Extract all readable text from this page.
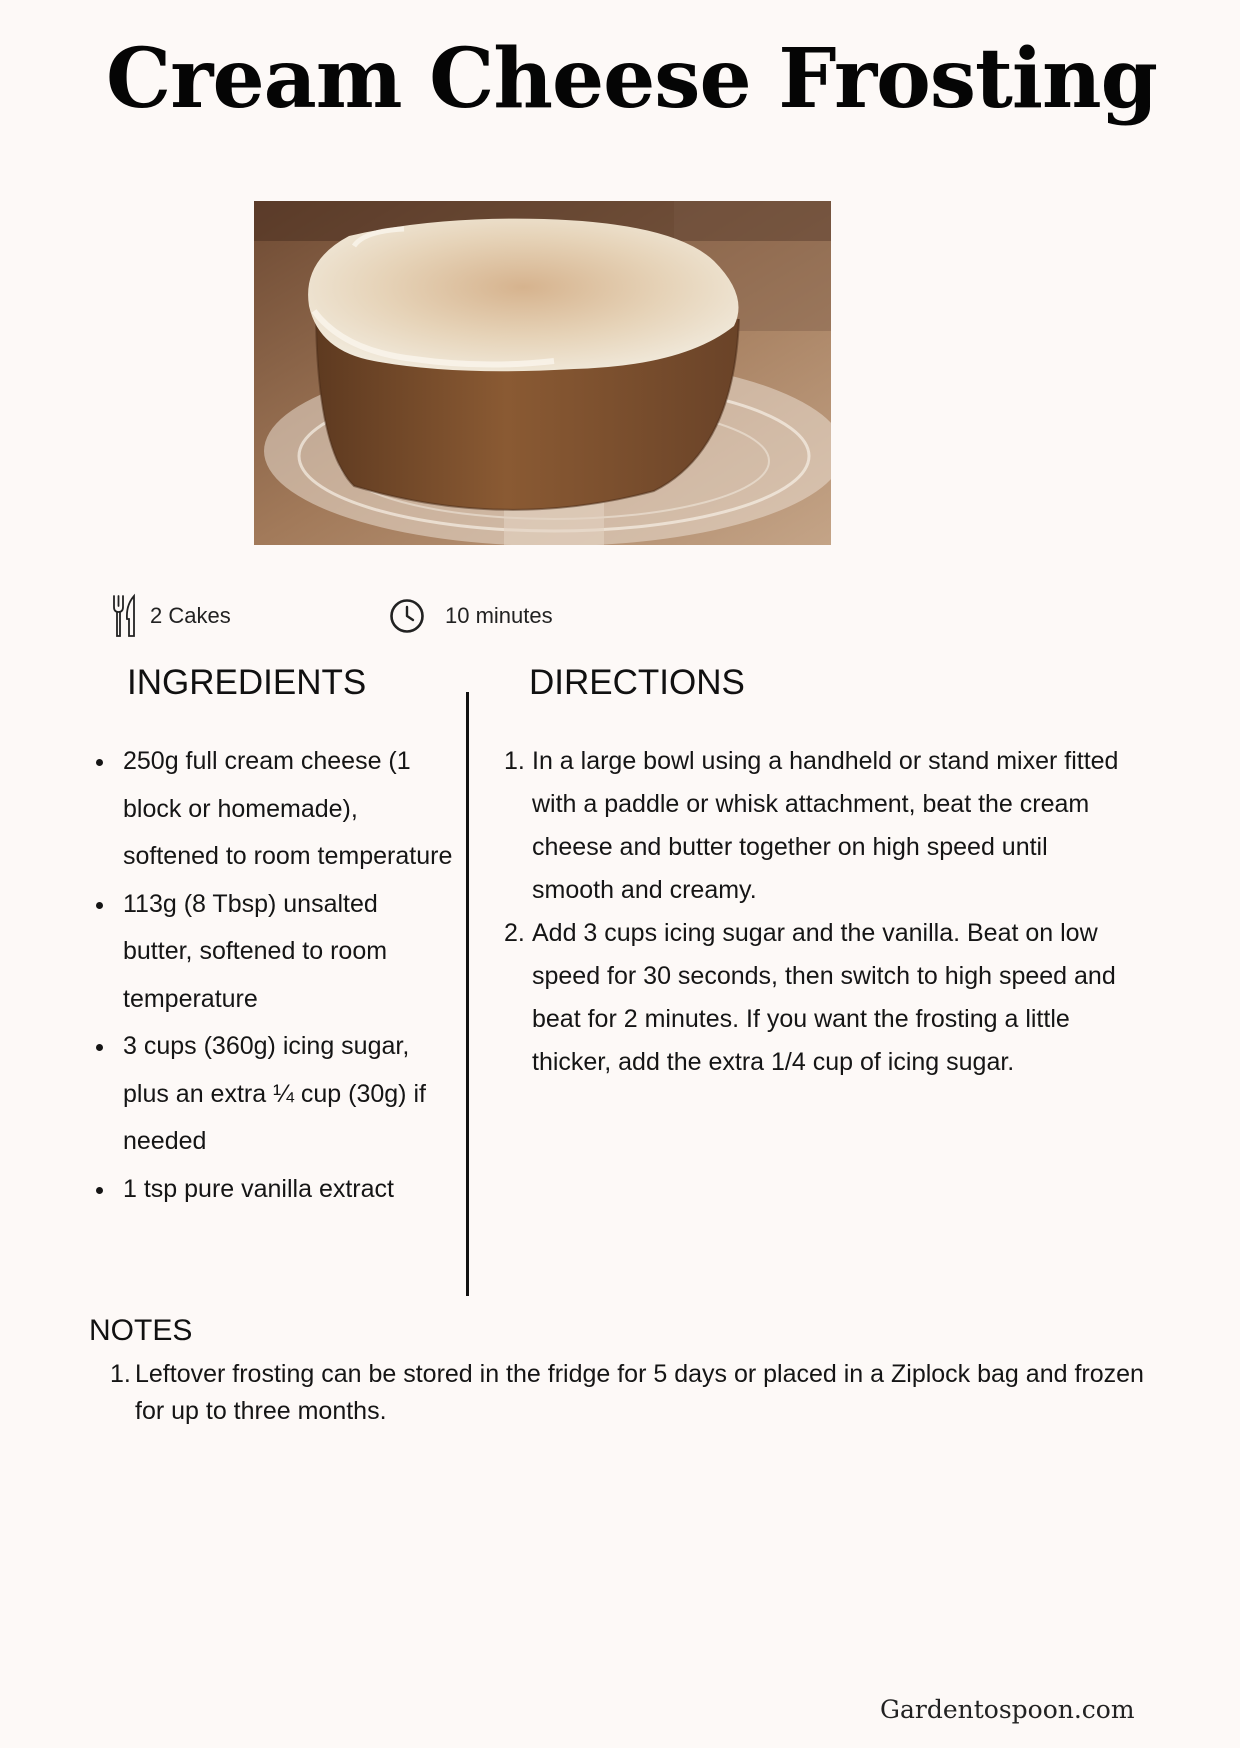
Cream Cheese Frosting
2 Cakes	10 minutes
INGREDIENTS	DIRECTIONS
250g full cream cheese (1 block or homemade), softened to room temperature
113g (8 Tbsp) unsalted butter, softened to room temperature
3 cups (360g) icing sugar, plus an extra ¼ cup (30g) if needed
1 tsp pure vanilla extract
1. In a large bowl using a handheld or stand mixer fitted with a paddle or whisk attachment, beat the cream cheese and butter together on high speed until smooth and creamy.
2. Add 3 cups icing sugar and the vanilla. Beat on low speed for 30 seconds, then switch to high speed and beat for 2 minutes. If you want the frosting a little thicker, add the extra 1/4 cup of icing sugar.
NOTES
1. Leftover frosting can be stored in the fridge for 5 days or placed in a Ziplock bag and frozen for up to three months.
Gardentospoon.com
